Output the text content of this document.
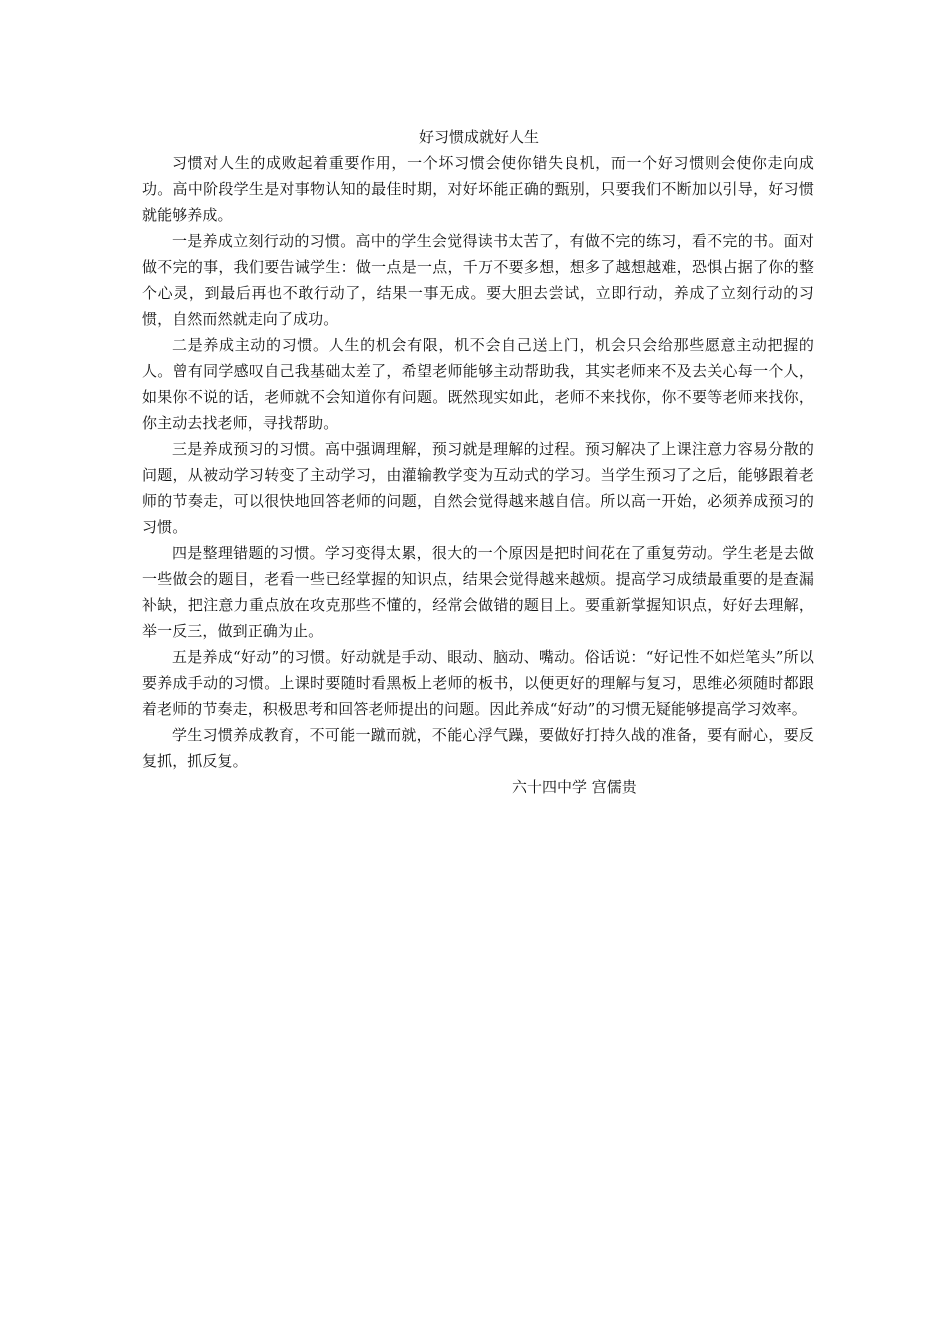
好习惯成就好人生

习惯对人生的成败起着重要作用，一个坏习惯会使你错失良机，而一个好习惯则会使你走向成功。高中阶段学生是对事物认知的最佳时期，对好坏能正确的甄别，只要我们不断加以引导，好习惯就能够养成。

一是养成立刻行动的习惯。高中的学生会觉得读书太苦了，有做不完的练习，看不完的书。面对做不完的事，我们要告诫学生：做一点是一点，千万不要多想，想多了越想越难，恐惧占据了你的整个心灵，到最后再也不敢行动了，结果一事无成。要大胆去尝试，立即行动，养成了立刻行动的习惯，自然而然就走向了成功。

二是养成主动的习惯。人生的机会有限，机不会自己送上门，机会只会给那些愿意主动把握的人。曾有同学感叹自己我基础太差了，希望老师能够主动帮助我，其实老师来不及去关心每一个人，如果你不说的话，老师就不会知道你有问题。既然现实如此，老师不来找你，你不要等老师来找你，你主动去找老师，寻找帮助。

三是养成预习的习惯。高中强调理解，预习就是理解的过程。预习解决了上课注意力容易分散的问题，从被动学习转变了主动学习，由灌输教学变为互动式的学习。当学生预习了之后，能够跟着老师的节奏走，可以很快地回答老师的问题，自然会觉得越来越自信。所以高一开始，必须养成预习的习惯。

四是整理错题的习惯。学习变得太累，很大的一个原因是把时间花在了重复劳动。学生老是去做一些做会的题目，老看一些已经掌握的知识点，结果会觉得越来越烦。提高学习成绩最重要的是查漏补缺，把注意力重点放在攻克那些不懂的，经常会做错的题目上。要重新掌握知识点，好好去理解，举一反三，做到正确为止。

五是养成“好动”的习惯。好动就是手动、眼动、脑动、嘴动。俗话说：“好记性不如烂笔头”所以要养成手动的习惯。上课时要随时看黑板上老师的板书，以便更好的理解与复习，思维必须随时都跟着老师的节奏走，积极思考和回答老师提出的问题。因此养成“好动”的习惯无疑能够提高学习效率。

学生习惯养成教育，不可能一蹴而就，不能心浮气躁，要做好打持久战的准备，要有耐心，要反复抓，抓反复。

六十四中学 宫儒贵
